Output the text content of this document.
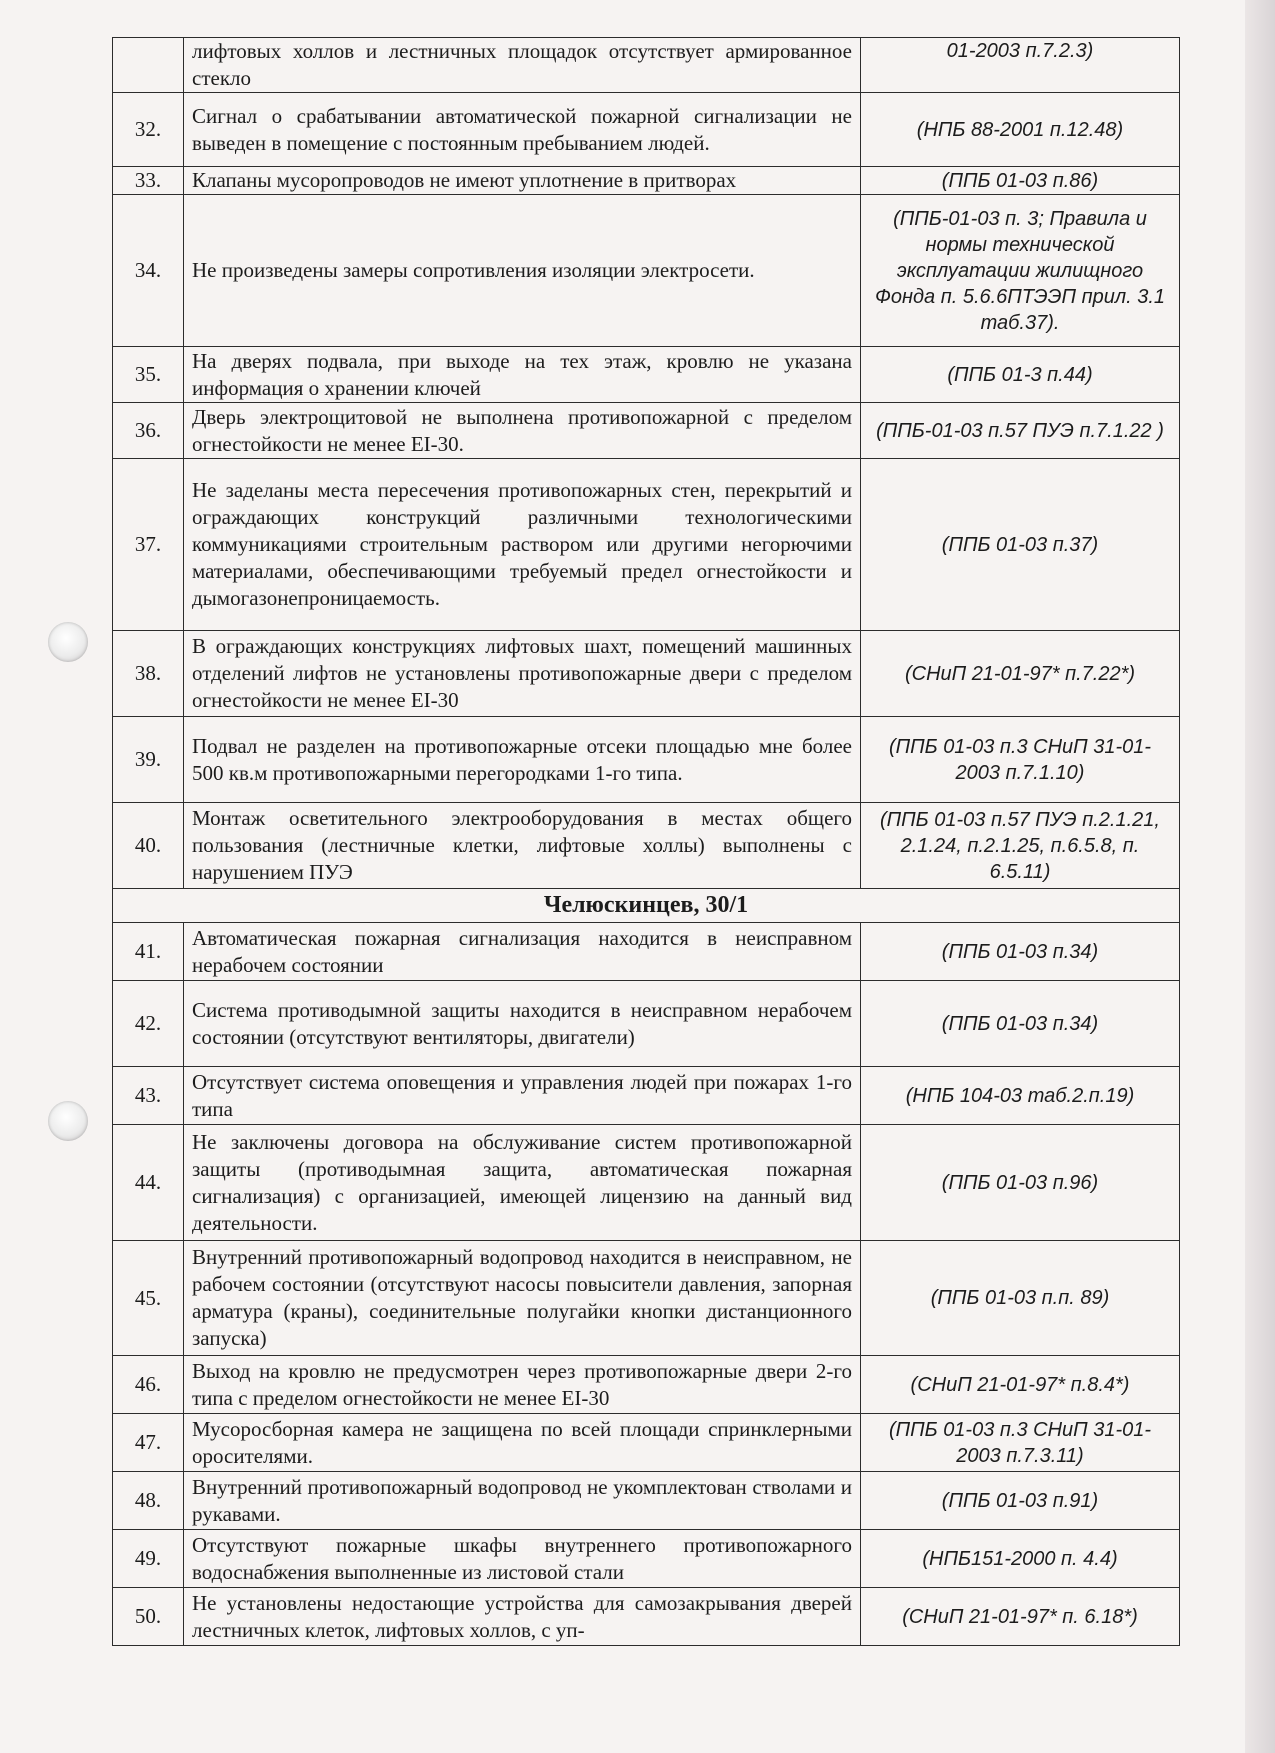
	лифтовых холлов и лестничных площадок отсутствует армированное стекло	01-2003 п.7.2.3)
32.	Сигнал о срабатывании автоматической пожарной сигнализации не выведен в помещение с постоянным пребыванием людей.	(НПБ 88-2001 п.12.48)
33.	Клапаны мусоропроводов не имеют уплотнение в притворах	(ППБ 01-03 п.86)
34.	Не произведены замеры сопротивления изоляции электросети.	(ППБ-01-03 п. 3; Правила и нормы технической эксплуатации жилищного Фонда п. 5.6.6ПТЭЭП прил. 3.1 таб.37).
35.	На дверях подвала, при выходе на тех этаж, кровлю не указана информация о хранении ключей	(ППБ 01-3 п.44)
36.	Дверь электрощитовой не выполнена противопожарной с пределом огнестойкости не менее EI-30.	(ППБ-01-03 п.57 ПУЭ п.7.1.22 )
37.	Не заделаны места пересечения противопожарных стен, перекрытий и ограждающих конструкций различными технологическими коммуникациями строительным раствором или другими негорючими материалами, обеспечивающими требуемый предел огнестойкости и дымогазонепроницаемость.	(ППБ 01-03 п.37)
38.	В ограждающих конструкциях лифтовых шахт, помещений машинных отделений лифтов не установлены противопожарные двери с пределом огнестойкости не менее EI-30	(СНиП 21-01-97* п.7.22*)
39.	Подвал не разделен на противопожарные отсеки площадью мне более 500 кв.м противопожарными перегородками 1-го типа.	(ППБ 01-03 п.3 СНиП 31-01-2003 п.7.1.10)
40.	Монтаж осветительного электрооборудования в местах общего пользования (лестничные клетки, лифтовые холлы) выполнены с нарушением ПУЭ	(ППБ 01-03 п.57 ПУЭ п.2.1.21, 2.1.24, п.2.1.25, п.6.5.8, п. 6.5.11)
Челюскинцев, 30/1		
41.	Автоматическая пожарная сигнализация находится в неисправном нерабочем состоянии	(ППБ 01-03 п.34)
42.	Система противодымной защиты находится в неисправном нерабочем состоянии (отсутствуют вентиляторы, двигатели)	(ППБ 01-03 п.34)
43.	Отсутствует система оповещения и управления людей при пожарах 1-го типа	(НПБ 104-03 таб.2.п.19)
44.	Не заключены договора на обслуживание систем противопожарной защиты (противодымная защита, автоматическая пожарная сигнализация) с организацией, имеющей лицензию на данный вид деятельности.	(ППБ 01-03 п.96)
45.	Внутренний противопожарный водопровод находится в неисправном, не рабочем состоянии (отсутствуют насосы повысители давления, запорная арматура (краны), соединительные полугайки кнопки дистанционного запуска)	(ППБ 01-03 п.п. 89)
46.	Выход на кровлю не предусмотрен через противопожарные двери 2-го типа с пределом огнестойкости не менее EI-30	(СНиП 21-01-97* п.8.4*)
47.	Мусоросборная камера не защищена по всей площади спринклерными оросителями.	(ППБ 01-03 п.3 СНиП 31-01-2003 п.7.3.11)
48.	Внутренний противопожарный водопровод не укомплектован стволами и рукавами.	(ППБ 01-03 п.91)
49.	Отсутствуют пожарные шкафы внутреннего противопожарного водоснабжения выполненные из листовой стали	(НПБ151-2000 п. 4.4)
50.	Не установлены недостающие устройства для самозакрывания дверей лестничных клеток, лифтовых холлов, с уп-	(СНиП 21-01-97* п. 6.18*)
